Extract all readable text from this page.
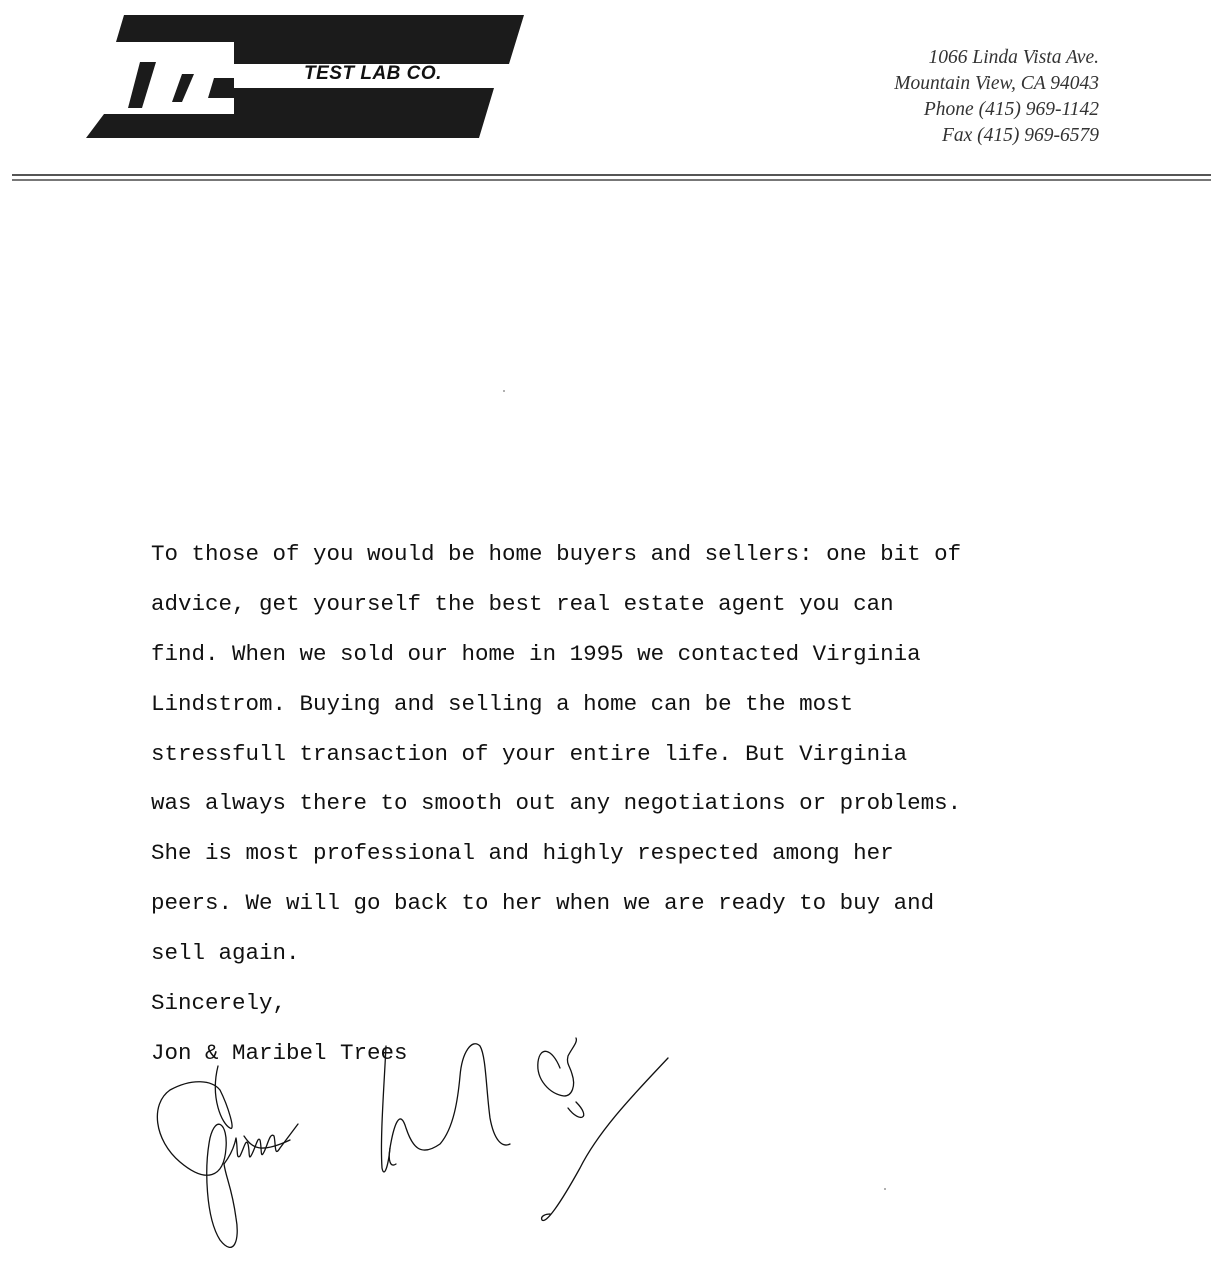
TEST LAB CO.
1066 Linda Vista Ave.
Mountain View, CA 94043
Phone (415) 969-1142
Fax (415) 969-6579
To those of you would be home buyers and sellers: one bit of
advice, get yourself the best real estate agent you can
find. When we sold our home in 1995 we contacted Virginia
Lindstrom. Buying and selling a home can be the most
stressfull transaction of your entire life. But Virginia
was always there to smooth out any negotiations or problems.
She is most professional and highly respected among her
peers. We will go back to her when we are ready to buy and
sell again.
Sincerely,
Jon & Maribel Trees
